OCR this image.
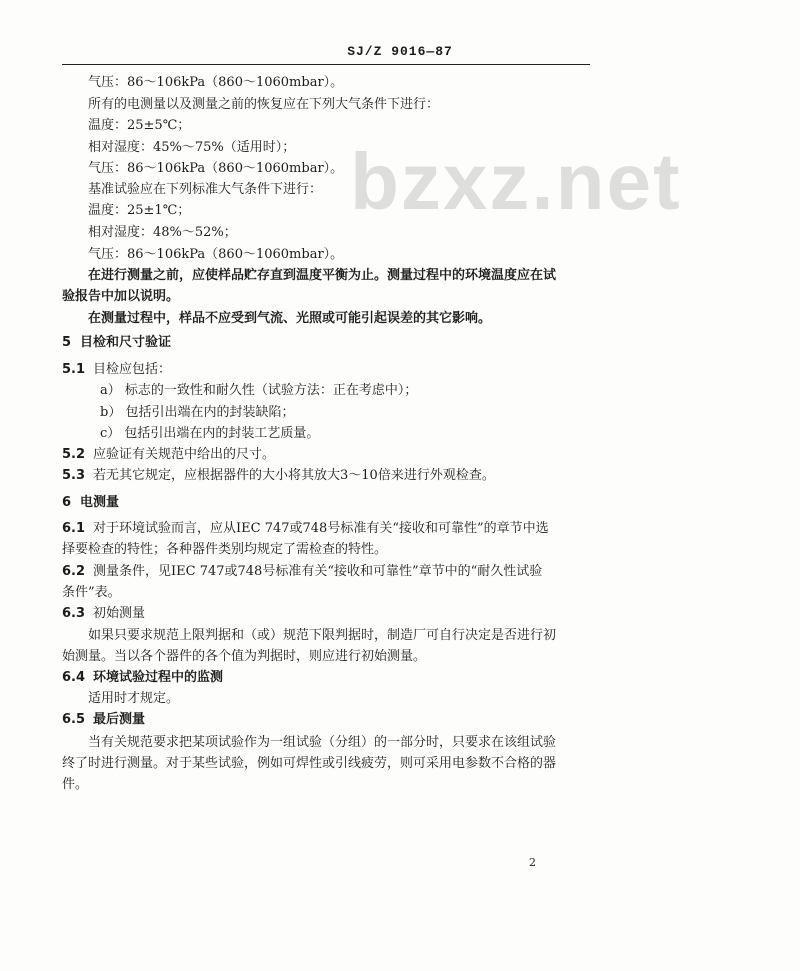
SJ/Z 9016—87
bzxz.net
气压：86～106kPa（860～1060mbar）。
所有的电测量以及测量之前的恢复应在下列大气条件下进行：
温度：25±5℃；
相对湿度：45%～75%（适用时）；
气压：86～106kPa（860～1060mbar）。
基准试验应在下列标准大气条件下进行：
温度：25±1℃；
相对湿度：48%～52%；
气压：86～106kPa（860～1060mbar）。
在进行测量之前，应使样品贮存直到温度平衡为止。测量过程中的环境温度应在试
验报告中加以说明。
在测量过程中，样品不应受到气流、光照或可能引起误差的其它影响。
5 目检和尺寸验证
5.1 目检应包括：
a） 标志的一致性和耐久性（试验方法：正在考虑中）；
b） 包括引出端在内的封装缺陷；
c） 包括引出端在内的封装工艺质量。
5.2 应验证有关规范中给出的尺寸。
5.3 若无其它规定，应根据器件的大小将其放大3～10倍来进行外观检查。
6 电测量
6.1 对于环境试验而言，应从IEC 747或748号标准有关“接收和可靠性”的章节中选
择要检查的特性；各种器件类别均规定了需检查的特性。
6.2 测量条件，见IEC 747或748号标准有关“接收和可靠性”章节中的“耐久性试验
条件”表。
6.3 初始测量
如果只要求规范上限判据和（或）规范下限判据时，制造厂可自行决定是否进行初
始测量。当以各个器件的各个值为判据时，则应进行初始测量。
6.4 环境试验过程中的监测
适用时才规定。
6.5 最后测量
当有关规范要求把某项试验作为一组试验（分组）的一部分时，只要求在该组试验
终了时进行测量。对于某些试验，例如可焊性或引线疲劳，则可采用电参数不合格的器
件。
2
